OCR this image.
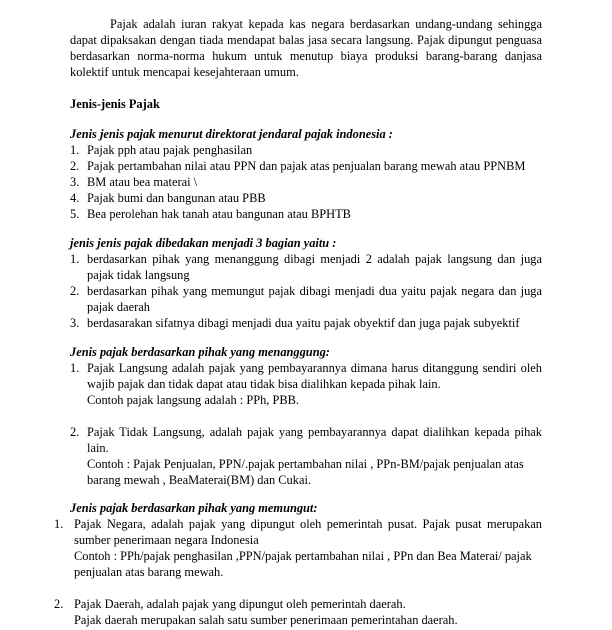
Pajak adalah iuran rakyat kepada kas negara berdasarkan undang-undang sehingga dapat dipaksakan dengan tiada mendapat balas jasa secara langsung. Pajak dipungut penguasa berdasarkan norma-norma hukum untuk menutup biaya produksi barang-barang danjasa kolektif untuk mencapai kesejahteraan umum.
Jenis-jenis Pajak
Jenis jenis pajak menurut direktorat jendaral pajak indonesia :
1. Pajak pph atau pajak penghasilan
2. Pajak pertambahan nilai atau PPN dan pajak atas penjualan barang mewah atau PPNBM
3. BM atau bea materai \
4. Pajak bumi dan bangunan atau PBB
5. Bea perolehan hak tanah atau bangunan atau BPHTB
jenis jenis pajak dibedakan menjadi 3 bagian yaitu :
1. berdasarkan pihak yang menanggung dibagi menjadi 2 adalah pajak langsung dan juga pajak tidak langsung
2. berdasarkan pihak yang memungut pajak dibagi menjadi dua yaitu pajak negara dan juga pajak daerah
3. berdasarakan sifatnya dibagi menjadi dua yaitu pajak obyektif dan juga pajak subyektif
Jenis pajak berdasarkan pihak yang menanggung:
1. Pajak Langsung adalah pajak yang pembayarannya dimana harus ditanggung sendiri oleh wajib pajak dan tidak dapat atau tidak bisa dialihkan kepada pihak lain.
Contoh pajak langsung adalah : PPh, PBB.
2. Pajak Tidak Langsung, adalah pajak yang pembayarannya dapat dialihkan kepada pihak lain.
Contoh : Pajak Penjualan, PPN/.pajak pertambahan nilai , PPn-BM/pajak penjualan atas barang mewah , BeaMaterai(BM) dan Cukai.
Jenis pajak berdasarkan pihak yang memungut:
1. Pajak Negara, adalah pajak yang dipungut oleh pemerintah pusat. Pajak pusat merupakan sumber penerimaan negara Indonesia
Contoh : PPh/pajak penghasilan ,PPN/pajak pertambahan nilai , PPn dan Bea Materai/ pajak penjualan atas barang mewah.
2. Pajak Daerah, adalah pajak yang dipungut oleh pemerintah daerah.
Pajak daerah merupakan salah satu sumber penerimaan pemerintahan daerah.
